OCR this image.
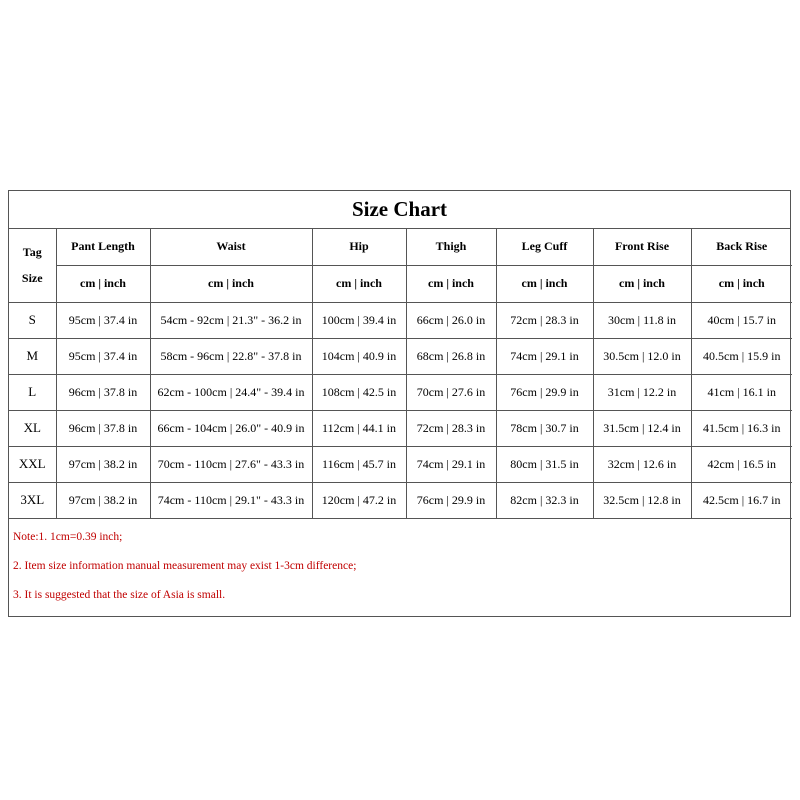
Size Chart
Tag
Size	Pant Length	Waist	Hip	Thigh	Leg Cuff	Front Rise	Back Rise
	cm | inch	cm | inch	cm | inch	cm | inch	cm | inch	cm | inch	cm | inch
S	95cm | 37.4 in	54cm - 92cm | 21.3" - 36.2 in	100cm | 39.4 in	66cm | 26.0 in	72cm | 28.3 in	30cm | 11.8 in	40cm | 15.7 in
M	95cm | 37.4 in	58cm - 96cm | 22.8" - 37.8 in	104cm | 40.9 in	68cm | 26.8 in	74cm | 29.1 in	30.5cm | 12.0 in	40.5cm | 15.9 in
L	96cm | 37.8 in	62cm - 100cm | 24.4" - 39.4 in	108cm | 42.5 in	70cm | 27.6 in	76cm | 29.9 in	31cm | 12.2 in	41cm | 16.1 in
XL	96cm | 37.8 in	66cm - 104cm | 26.0" - 40.9 in	112cm | 44.1 in	72cm | 28.3 in	78cm | 30.7 in	31.5cm | 12.4 in	41.5cm | 16.3 in
XXL	97cm | 38.2 in	70cm - 110cm | 27.6" - 43.3 in	116cm | 45.7 in	74cm | 29.1 in	80cm | 31.5 in	32cm | 12.6 in	42cm | 16.5 in
3XL	97cm | 38.2 in	74cm - 110cm | 29.1" - 43.3 in	120cm | 47.2 in	76cm | 29.9 in	82cm | 32.3 in	32.5cm | 12.8 in	42.5cm | 16.7 in
Note:1. 1cm=0.39 inch;
2. Item size information manual measurement may exist 1-3cm difference;
3. It is suggested that the size of Asia is small.
